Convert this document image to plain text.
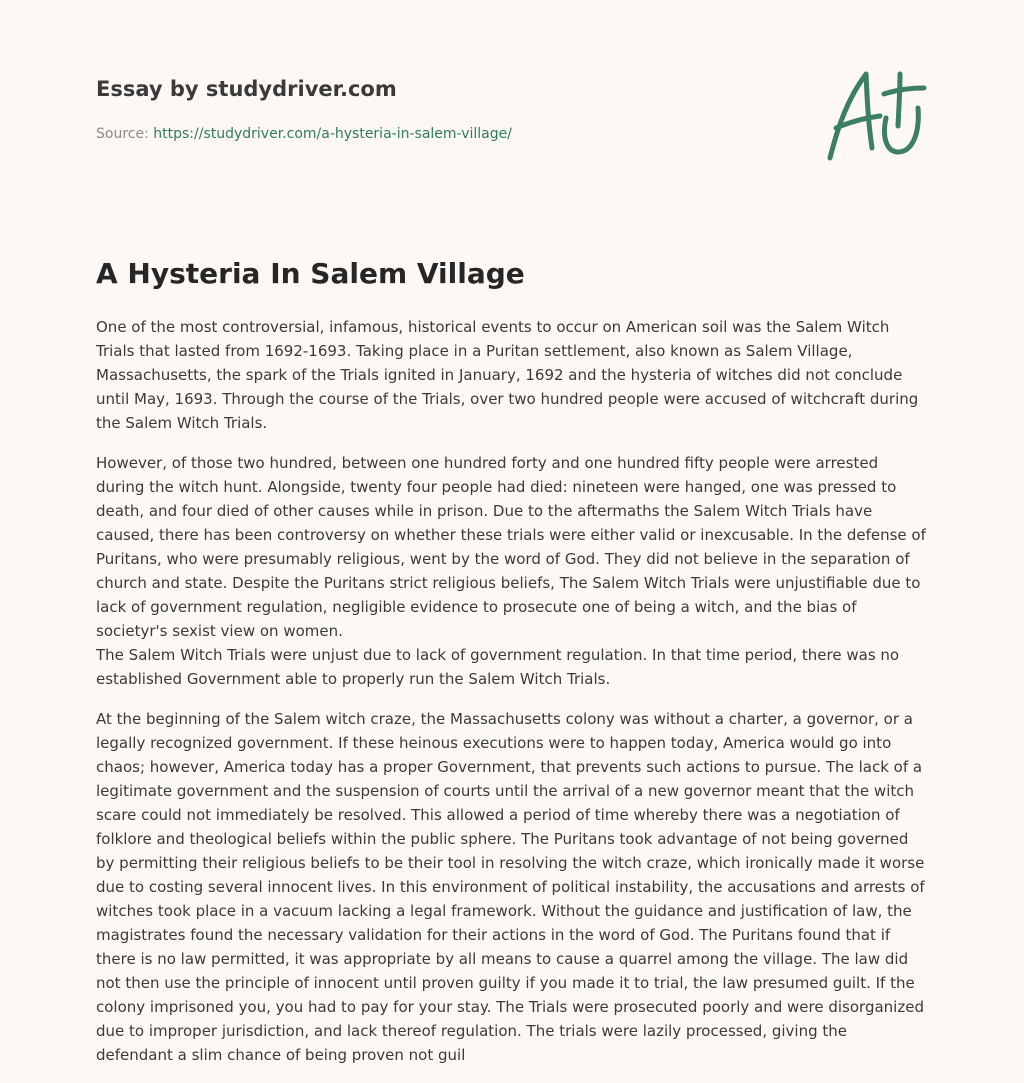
Essay by studydriver.com
Source: https://studydriver.com/a-hysteria-in-salem-village/
A Hysteria In Salem Village

One of the most controversial, infamous, historical events to occur on American soil was the Salem Witch Trials that lasted from 1692-1693. Taking place in a Puritan settlement, also known as Salem Village, Massachusetts, the spark of the Trials ignited in January, 1692 and the hysteria of witches did not conclude until May, 1693. Through the course of the Trials, over two hundred people were accused of witchcraft during the Salem Witch Trials.

However, of those two hundred, between one hundred forty and one hundred fifty people were arrested during the witch hunt. Alongside, twenty four people had died: nineteen were hanged, one was pressed to death, and four died of other causes while in prison. Due to the aftermaths the Salem Witch Trials have caused, there has been controversy on whether these trials were either valid or inexcusable. In the defense of Puritans, who were presumably religious, went by the word of God. They did not believe in the separation of church and state. Despite the Puritans strict religious beliefs, The Salem Witch Trials were unjustifiable due to lack of government regulation, negligible evidence to prosecute one of being a witch, and the bias of societyr's sexist view on women.

The Salem Witch Trials were unjust due to lack of government regulation. In that time period, there was no established Government able to properly run the Salem Witch Trials.

At the beginning of the Salem witch craze, the Massachusetts colony was without a charter, a governor, or a legally recognized government. If these heinous executions were to happen today, America would go into chaos; however, America today has a proper Government, that prevents such actions to pursue. The lack of a legitimate government and the suspension of courts until the arrival of a new governor meant that the witch scare could not immediately be resolved. This allowed a period of time whereby there was a negotiation of folklore and theological beliefs within the public sphere. The Puritans took advantage of not being governed by permitting their religious beliefs to be their tool in resolving the witch craze, which ironically made it worse due to costing several innocent lives. In this environment of political instability, the accusations and arrests of witches took place in a vacuum lacking a legal framework. Without the guidance and justification of law, the magistrates found the necessary validation for their actions in the word of God. The Puritans found that if there is no law permitted, it was appropriate by all means to cause a quarrel among the village. The law did not then use the principle of innocent until proven guilty if you made it to trial, the law presumed guilt. If the colony imprisoned you, you had to pay for your stay. The Trials were prosecuted poorly and were disorganized due to improper jurisdiction, and lack thereof regulation. The trials were lazily processed, giving the defendant a slim chance of being proven not guil
